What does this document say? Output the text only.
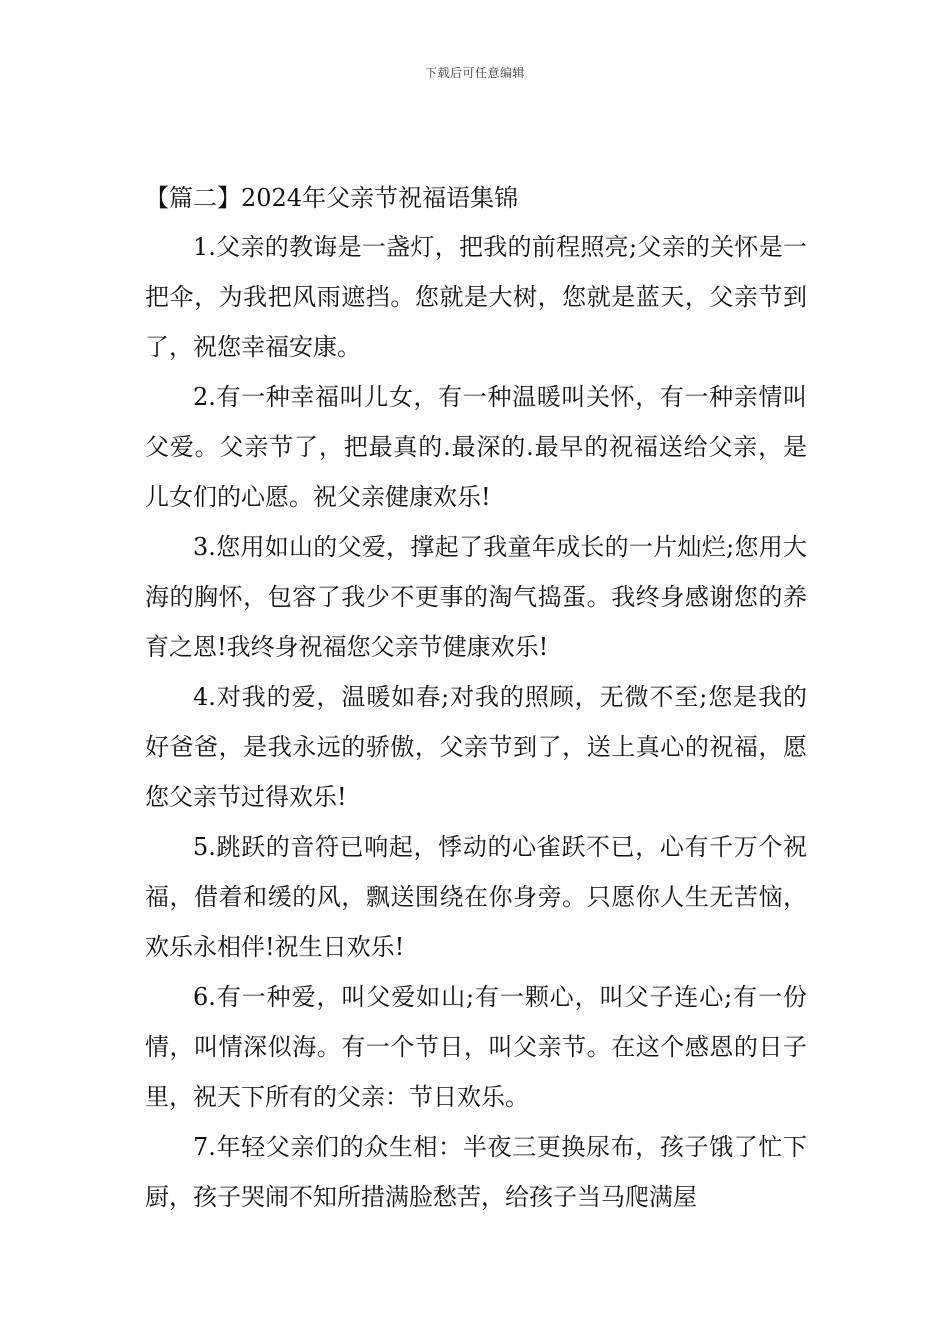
下载后可任意编辑
【篇二】2024年父亲节祝福语集锦

1.父亲的教诲是一盏灯，把我的前程照亮;父亲的关怀是一把伞，为我把风雨遮挡。您就是大树，您就是蓝天，父亲节到了，祝您幸福安康。

2.有一种幸福叫儿女，有一种温暖叫关怀，有一种亲情叫父爱。父亲节了，把最真的.最深的.最早的祝福送给父亲，是儿女们的心愿。祝父亲健康欢乐!

3.您用如山的父爱，撑起了我童年成长的一片灿烂;您用大海的胸怀，包容了我少不更事的淘气捣蛋。我终身感谢您的养育之恩!我终身祝福您父亲节健康欢乐!

4.对我的爱，温暖如春;对我的照顾，无微不至;您是我的好爸爸，是我永远的骄傲，父亲节到了，送上真心的祝福，愿您父亲节过得欢乐!

5.跳跃的音符已响起，悸动的心雀跃不已，心有千万个祝福，借着和缓的风，飘送围绕在你身旁。只愿你人生无苦恼，欢乐永相伴!祝生日欢乐!

6.有一种爱，叫父爱如山;有一颗心，叫父子连心;有一份情，叫情深似海。有一个节日，叫父亲节。在这个感恩的日子里，祝天下所有的父亲：节日欢乐。

7.年轻父亲们的众生相：半夜三更换尿布，孩子饿了忙下厨，孩子哭闹不知所措满脸愁苦，给孩子当马爬满屋
